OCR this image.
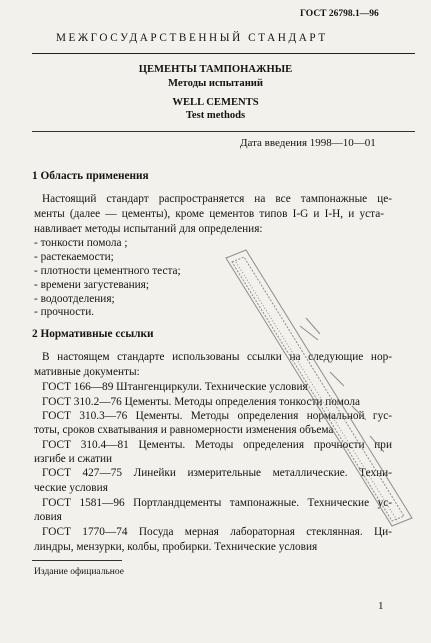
ГОСТ 26798.1—96
МЕЖГОСУДАРСТВЕННЫЙ СТАНДАРТ
ЦЕМЕНТЫ ТАМПОНАЖНЫЕ
Методы испытаний
WELL CEMENTS
Test methods
Дата введения 1998—10—01
1 Область применения
Настоящий стандарт распространяется на все тампонажные це-
менты (далее — цементы), кроме цементов типов I-G и I-H, и уста-
навливает методы испытаний для определения:
- тонкости помола ;
- растекаемости;
- плотности цементного теста;
- времени загустевания;
- водоотделения;
- прочности.
2 Нормативные ссылки
В настоящем стандарте использованы ссылки на следующие нор-
мативные документы:
ГОСТ 166—89 Штангенциркули. Технические условия
ГОСТ 310.2—76 Цементы. Методы определения тонкости помола
ГОСТ 310.3—76 Цементы. Методы определения нормальной гус-
тоты, сроков схватывания и равномерности изменения объема
ГОСТ 310.4—81 Цементы. Методы определения прочности при
изгибе и сжатии
ГОСТ 427—75 Линейки измерительные металлические. Техни-
ческие условия
ГОСТ 1581—96 Портландцементы тампонажные. Технические ус-
ловия
ГОСТ 1770—74 Посуда мерная лабораторная стеклянная. Ци-
линдры, мензурки, колбы, пробирки. Технические условия
Издание официальное
1
